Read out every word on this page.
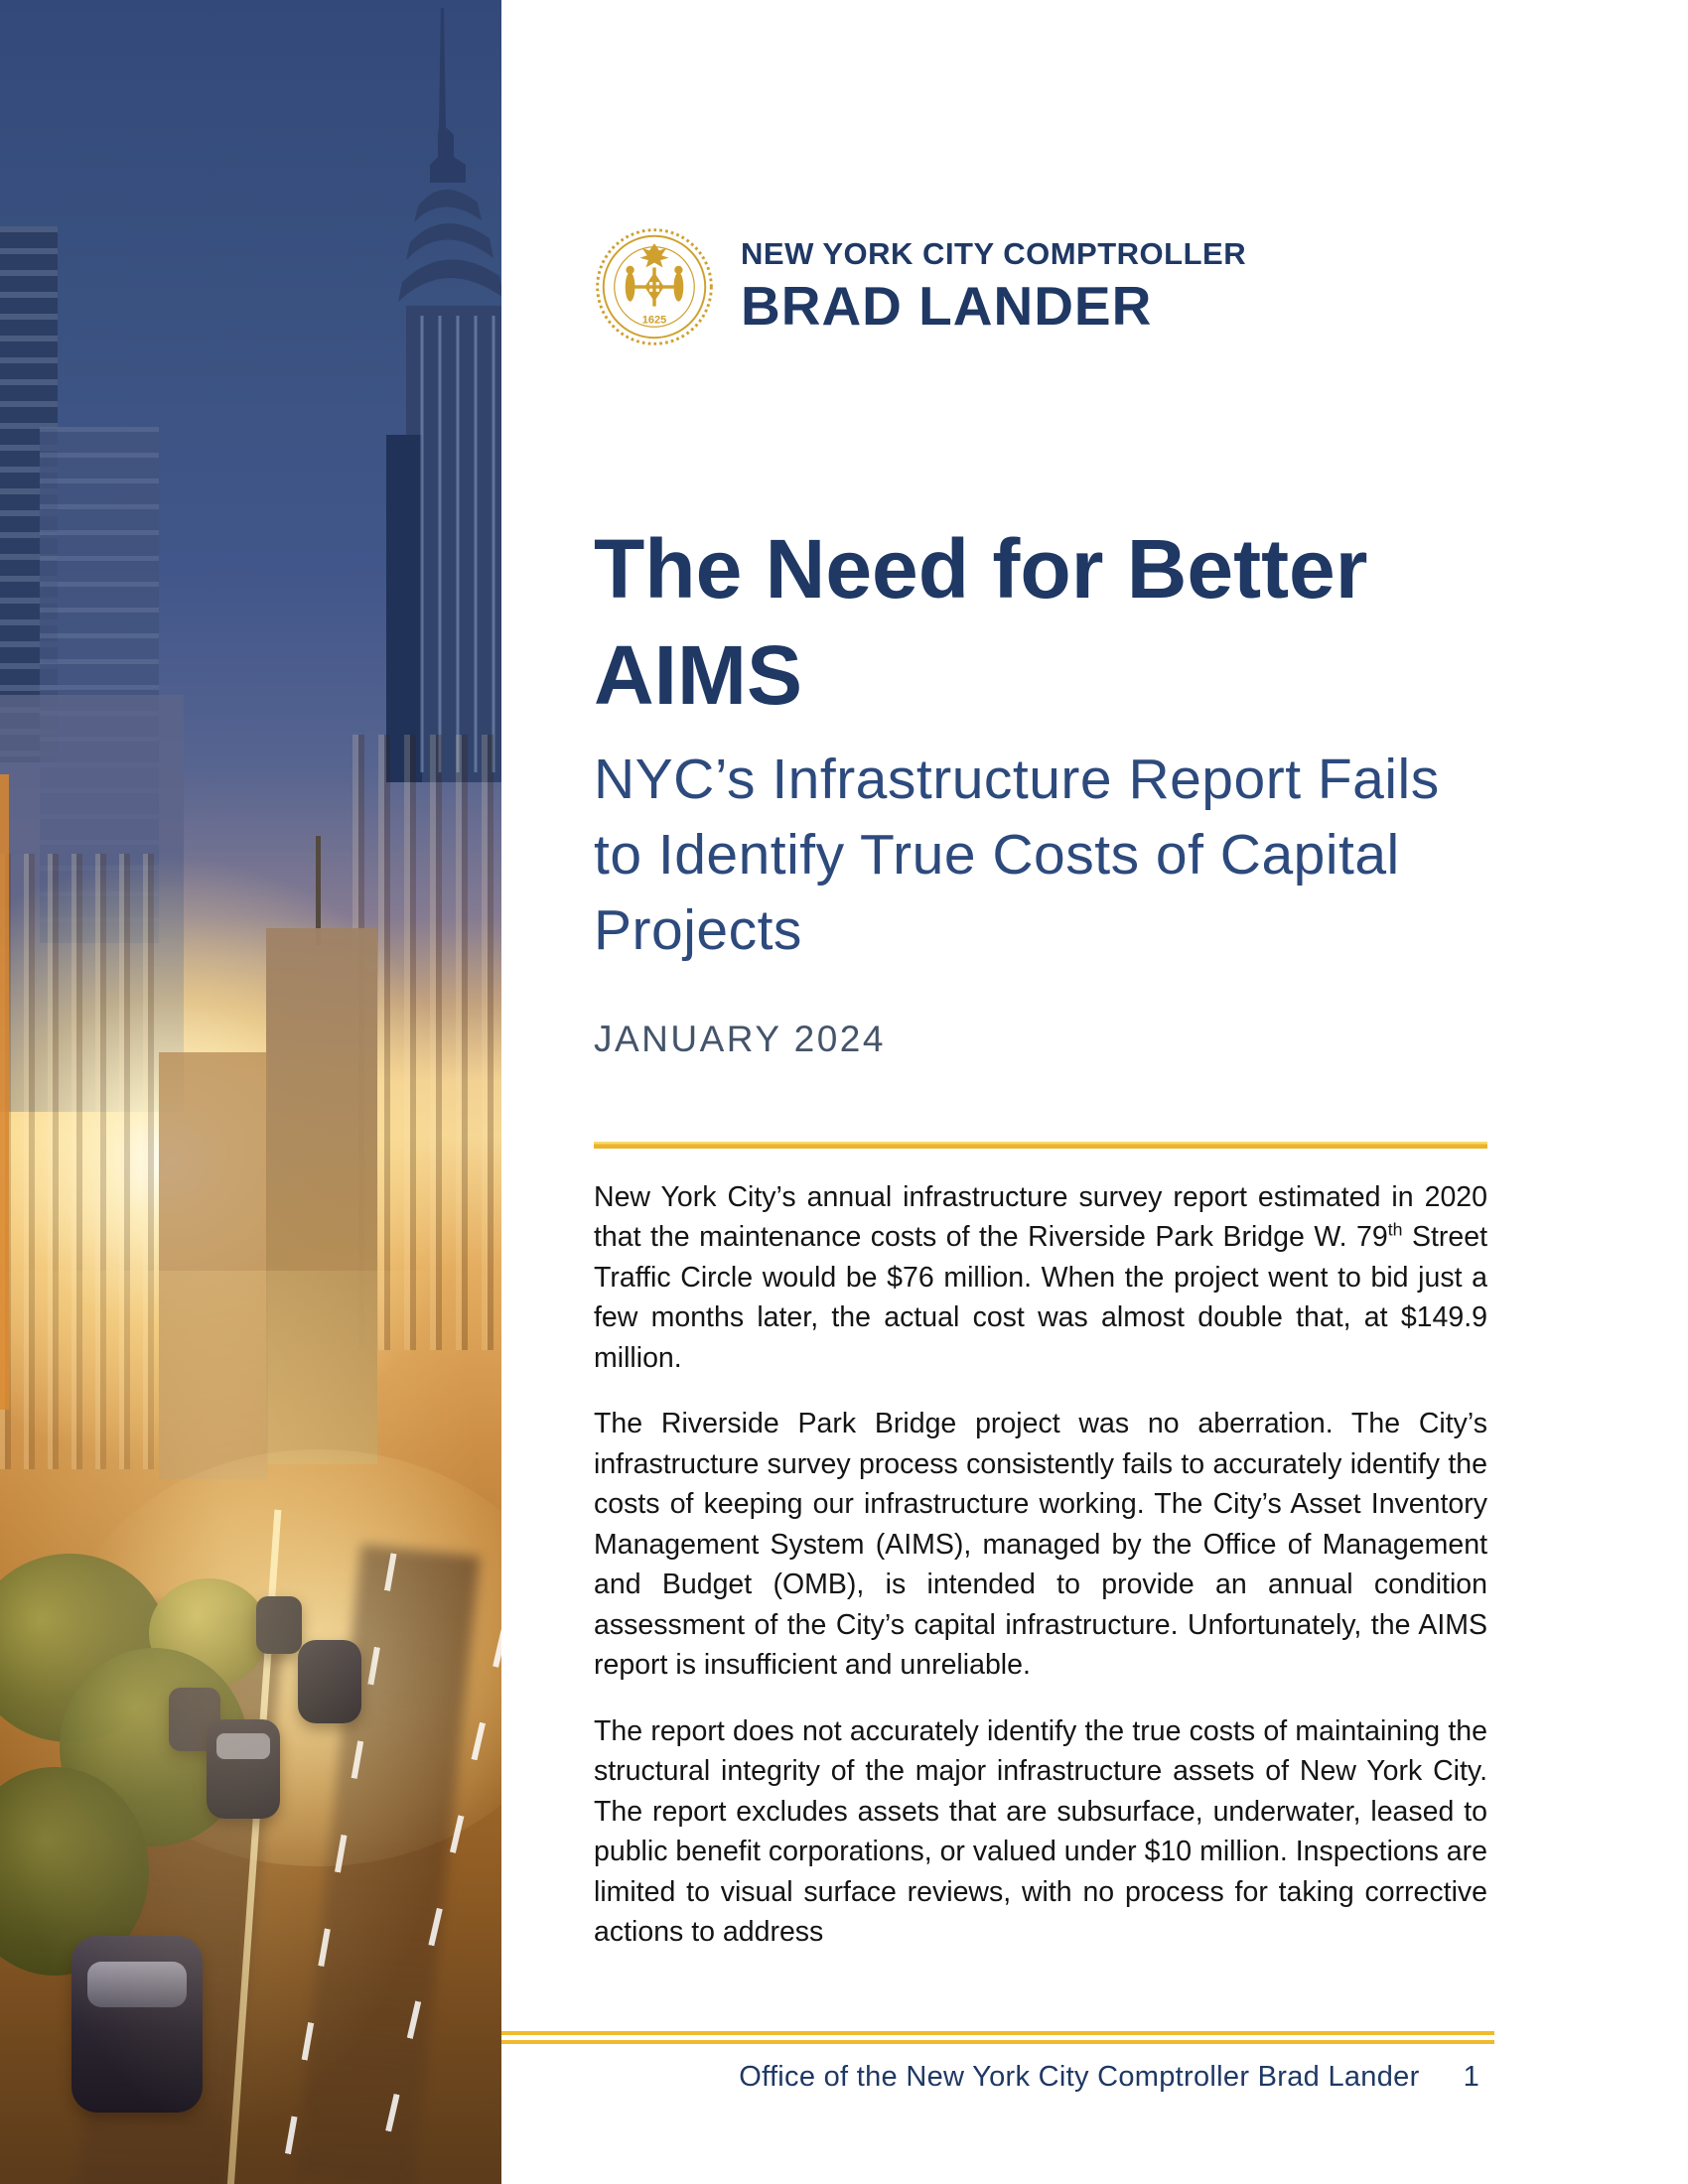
1625
NEW YORK CITY COMPTROLLER
BRAD LANDER
The Need for Better AIMS
NYC’s Infrastructure Report Fails to Identify True Costs of Capital Projects
JANUARY 2024

New York City’s annual infrastructure survey report estimated in 2020 that the maintenance costs of the Riverside Park Bridge W. 79th Street Traffic Circle would be $76 million. When the project went to bid just a few months later, the actual cost was almost double that, at $149.9 million.

The Riverside Park Bridge project was no aberration. The City’s infrastructure survey process consistently fails to accurately identify the costs of keeping our infrastructure working. The City’s Asset Inventory Management System (AIMS), managed by the Office of Management and Budget (OMB), is intended to provide an annual condition assessment of the City’s capital infrastructure. Unfortunately, the AIMS report is insufficient and unreliable.

The report does not accurately identify the true costs of maintaining the structural integrity of the major infrastructure assets of New York City. The report excludes assets that are subsurface, underwater, leased to public benefit corporations, or valued under $10 million. Inspections are limited to visual surface reviews, with no process for taking corrective actions to address

Office of the New York City Comptroller Brad Lander 1
